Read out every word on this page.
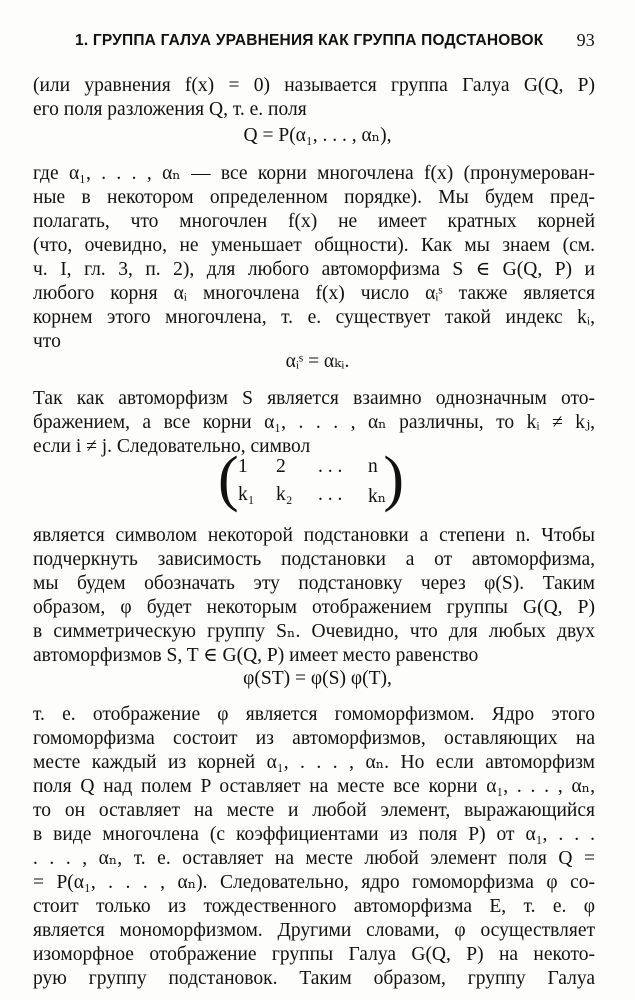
1. ГРУППА ГАЛУА УРАВНЕНИЯ КАК ГРУППА ПОДСТАНОВОК 93
(или уравнения f(x) = 0) называется группа Галуа G(Q, P)
его поля разложения Q, т. е. поля
Q = P(α₁, . . . , αₙ),
где α₁, . . . , αₙ — все корни многочлена f(x) (пронумерован-
ные в некотором определенном порядке). Мы будем пред-
полагать, что многочлен f(x) не имеет кратных корней
(что, очевидно, не уменьшает общности). Как мы знаем (см.
ч. I, гл. 3, п. 2), для любого автоморфизма S ∈ G(Q, P) и
любого корня αᵢ многочлена f(x) число αᵢˢ также является
корнем этого многочлена, т. е. существует такой индекс kᵢ,
что
αᵢˢ = αₖᵢ.
Так как автоморфизм S является взаимно однозначным ото-
бражением, а все корни α₁, . . . , αₙ различны, то kᵢ ≠ kⱼ,
если i ≠ j. Следовательно, символ
( )
1 2 . . . n
k₁ k₂ . . . kₙ
является символом некоторой подстановки a степени n. Чтобы
подчеркнуть зависимость подстановки a от автоморфизма,
мы будем обозначать эту подстановку через φ(S). Таким
образом, φ будет некоторым отображением группы G(Q, P)
в симметрическую группу Sₙ. Очевидно, что для любых двух
автоморфизмов S, T ∈ G(Q, P) имеет место равенство
φ(ST) = φ(S) φ(T),
т. е. отображение φ является гомоморфизмом. Ядро этого
гомоморфизма состоит из автоморфизмов, оставляющих на
месте каждый из корней α₁, . . . , αₙ. Но если автоморфизм
поля Q над полем P оставляет на месте все корни α₁, . . . , αₙ,
то он оставляет на месте и любой элемент, выражающийся
в виде многочлена (с коэффициентами из поля P) от α₁, . . .
. . . , αₙ, т. е. оставляет на месте любой элемент поля Q =
= P(α₁, . . . , αₙ). Следовательно, ядро гомоморфизма φ со-
стоит только из тождественного автоморфизма E, т. е. φ
является мономорфизмом. Другими словами, φ осуществляет
изоморфное отображение группы Галуа G(Q, P) на некото-
рую группу подстановок. Таким образом, группу Галуа
